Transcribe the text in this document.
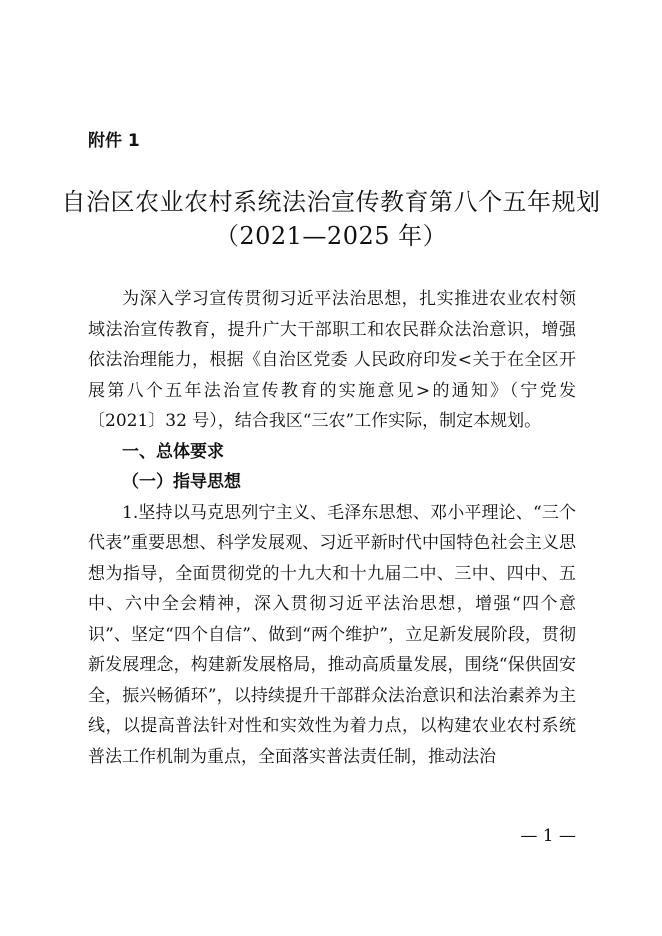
附件 1
自治区农业农村系统法治宣传教育第八个五年规划
（2021—2025 年）

为深入学习宣传贯彻习近平法治思想，扎实推进农业农村领域法治宣传教育，提升广大干部职工和农民群众法治意识，增强依法治理能力，根据《自治区党委 人民政府印发<关于在全区开展第八个五年法治宣传教育的实施意见>的通知》（宁党发〔2021〕32 号），结合我区“三农”工作实际，制定本规划。

一、总体要求

（一）指导思想

1.坚持以马克思列宁主义、毛泽东思想、邓小平理论、“三个代表”重要思想、科学发展观、习近平新时代中国特色社会主义思想为指导，全面贯彻党的十九大和十九届二中、三中、四中、五中、六中全会精神，深入贯彻习近平法治思想，增强“四个意识”、坚定“四个自信”、做到“两个维护”，立足新发展阶段，贯彻新发展理念，构建新发展格局，推动高质量发展，围绕“保供固安全，振兴畅循环”，以持续提升干部群众法治意识和法治素养为主线，以提高普法针对性和实效性为着力点，以构建农业农村系统普法工作机制为重点，全面落实普法责任制，推动法治

— 1 —
